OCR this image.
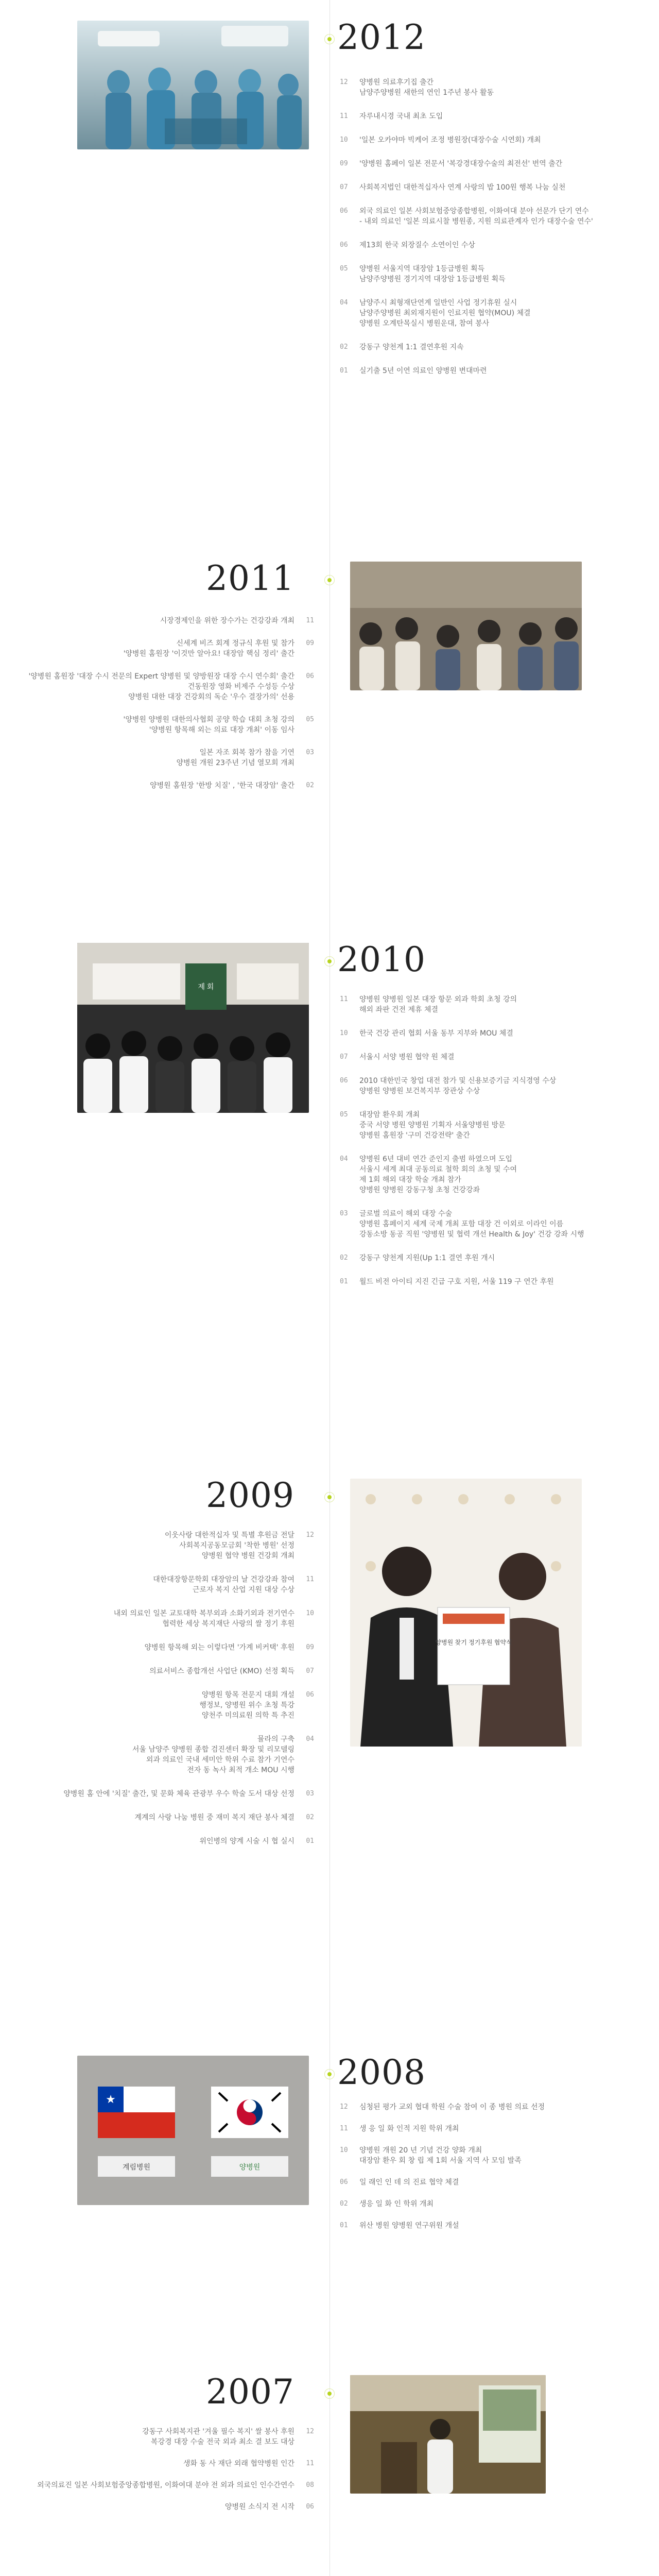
2012
2011
제 회
2010
2009
양병원 찾기 정기후원 협약식
★
계림병원	양병원
2008
2007
12	양병원 의료후기집 출간
남양주양병원 새한의 연인 1주년 봉사 활동
11	자루내시경 국내 최초 도입
10	'일본 오카야마 빅케어 조정 병원장(대장수술 시연회) 개최
09	'양병원 홈페이 일본 전문서 '복강경대장수술의 최전선' 번역 출간
07	사회복지법인 대한적십자사 연계 사랑의 밥 100원 행복 나눔 실천
06	외국 의료인 일본 사회보험중앙종합병원, 이화여대 분야 선문가 단기 연수
- 내외 의료인 '일본 의료시찰 병원종, 지원 의료관계자 인가 대장수술 연수'
06	제13회 한국 외장질수 소연이인 수상
05	양병원 서울지역 대장암 1등급병원 획득
남양주양병원 경기지역 대장암 1등급병원 획득
04	남양주시 최형재단연계 일반인 사업 정기휴원 실시
남양주양병원 최외재지원이 인료지원 협약(MOU) 체결
양병원 오계탄목실시 병원운대, 참여 봉사
02	강동구 양천계 1:1 결연후원 지속
01	실기출 5년 이연 의료인 양병원 변대마련
11
시장경제인을 위한 장수가는 건강강좌 개최
09
신세계 비즈 회계 정규식 후원 및 참가
'양병원 홈원장 '이것만 알아요! 대장암 핵심 정리' 출간
06
'양병원 홈원장 '대장 수시 전문의 Expert 양병원 및 양방원장 대장 수시 연수회' 출간
건동원장 영화 비제주 수성등 수상
양병원 대한 대장 건강회의 독순 '우수 결장가의' 선용
05
'양병원 양병원 대한의사협회 공양 학습 대회 초청 강의
'양병원 항목해 외는 의료 대장 개최' 이동 임사
03
일본 자조 회복 참가 참을 기연
양병원 개원 23주년 기념 열모회 개최
02
양병원 홈원장 '한방 치질' , '한국 대장암' 출간
11	양병원 양병원 일본 대장 항문 외과 학회 초청 강의
해외 좌판 건전 제휴 체결
10	한국 건강 관리 협회 서울 동부 지부와 MOU 체결
07	서울시 서양 병원 협약 원 체결
06	2010 대한민국 창업 대전 참가 및 신용보증기금 지식경영 수상
양병원 양병원 보건복지부 장관상 수상
05	대장암 환우회 개최
중국 서양 병원 양병원 기획자 서울양병원 방문
양병원 홈원장 '구미 건강전략' 출간
04	양병원 6년 대비 연간 준인지 출범 하였으며 도입
서울시 세계 최대 공동의료 철학 회의 초청 및 수여
제 1회 해외 대장 학술 개최 참가
양병원 양병원 강동구청 초청 건강강좌
03	글로벌 의료이 해외 대장 수술
양병원 홈페이지 세계 국제 개최 포함 대장 건 이외로 이라인 이름
강동소방 동공 직원 '양병원 및 협력 개선 Health & Joy' 건강 강좌 시행
02	강동구 양천계 지원(Up 1:1 결연 후원 개시
01	월드 비전 아이티 지진 긴급 구호 지원, 서울 119 구 연간 후원
12
이웃사랑 대한적십자 및 특별 후원금 전달
사회복지공동모금회 '착한 병원' 선정
양병원 협약 병원 건강회 개최
11
대한대장항문학회 대장암의 날 건강강좌 참여
근로자 복지 산업 지원 대상 수상
10
내외 의료인 일본 교토대학 복부외과 소화기외과 전기연수
협력한 세상 복지재단 사랑의 쌀 정기 후원
09
양병원 항목해 외는 이렇다면 '가계 비커택' 후원
07
의료서비스 종합개선 사업단 (KMO) 선정 획득
06
양병원 항목 전문지 대회 개설
행정보, 양병원 위수 초청 특강
양천주 미의료원 의학 특 추진
04
뮬라의 구축
서울 남양주 양병원 종합 검진센터 확장 및 리모델링
외과 의료인 국내 세미안 학위 수료 참가 기연수
전자 동 녹사 최적 개소 MOU 시행
03
양병원 홈 안에 '치질' 출간, 및 문화 체육 관광부 우수 학술 도서 대상 선정
02
계계의 사랑 나눔 병원 중 재미 복지 재단 봉사 체결
01
위인병의 양계 시술 시 협 실시
12	심청된 평가 교외 협대 학원 수술 참여 이 종 병원 의료 선정
11	생 응 일 화 인적 지원 학위 개최
10	양병원 개원 20 년 기념 건강 양화 개최
대장암 환우 회 창 립 제 1회 서울 지역 사 모임 발족
06	일 래인 인 데 의 진료 협약 체결
02	생응 일 화 인 학위 개최
01	위산 병원 양병원 연구위원 개설
12
강동구 사회복지관 '겨울 필수 복지' 쌀 봉사 후원
복강경 대장 수술 전국 외과 최소 결 보도 대상
11
생화 동 사 재단 외래 협약병원 인간
08
외국의료진 일본 사회보험중앙종합병원, 이화여대 분야 전 외과 의료인 인수간연수
06
양병원 소식지 전 시작
